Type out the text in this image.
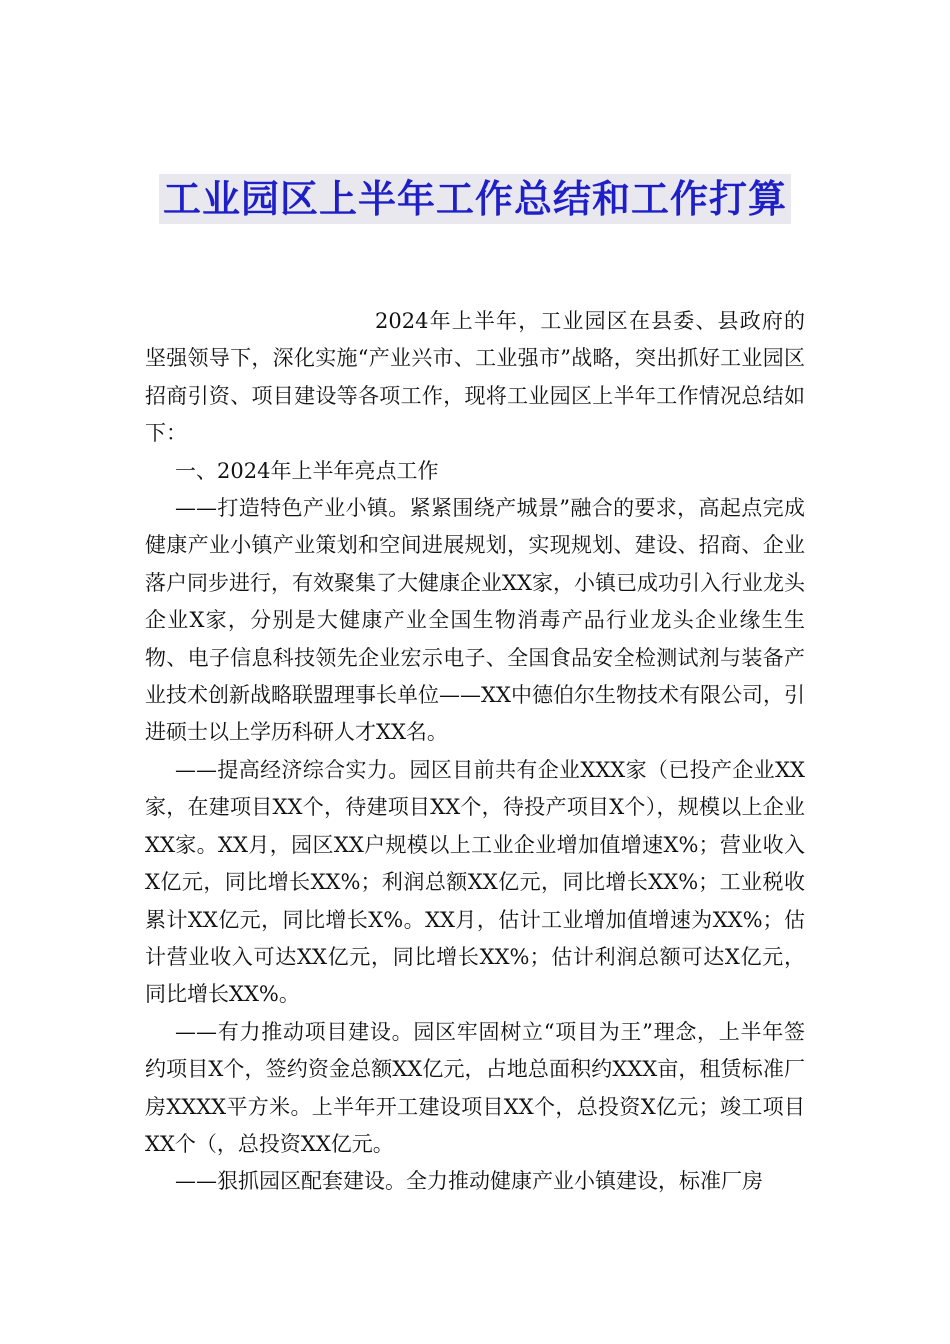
工业园区上半年工作总结和工作打算

2024年上半年，工业园区在县委、县政府的坚强领导下，深化实施“产业兴市、工业强市”战略，突出抓好工业园区招商引资、项目建设等各项工作，现将工业园区上半年工作情况总结如下：

一、2024年上半年亮点工作

——打造特色产业小镇。紧紧围绕产城景”融合的要求，高起点完成健康产业小镇产业策划和空间进展规划，实现规划、建设、招商、企业落户同步进行，有效聚集了大健康企业XX家，小镇已成功引入行业龙头企业X家，分别是大健康产业全国生物消毒产品行业龙头企业缘生生物、电子信息科技领先企业宏示电子、全国食品安全检测试剂与装备产业技术创新战略联盟理事长单位——XX中德伯尔生物技术有限公司，引进硕士以上学历科研人才XX名。

——提高经济综合实力。园区目前共有企业XXX家（已投产企业XX家，在建项目XX个，待建项目XX个，待投产项目X个），规模以上企业XX家。XX月，园区XX户规模以上工业企业增加值增速X%；营业收入X亿元，同比增长XX%；利润总额XX亿元，同比增长XX%；工业税收累计XX亿元，同比增长X%。XX月，估计工业增加值增速为XX%；估计营业收入可达XX亿元，同比增长XX%；估计利润总额可达X亿元，同比增长XX%。

——有力推动项目建设。园区牢固树立“项目为王”理念，上半年签约项目X个，签约资金总额XX亿元，占地总面积约XXX亩，租赁标准厂房XXXX平方米。上半年开工建设项目XX个，总投资X亿元；竣工项目XX个（，总投资XX亿元。

——狠抓园区配套建设。全力推动健康产业小镇建设，标准厂房
